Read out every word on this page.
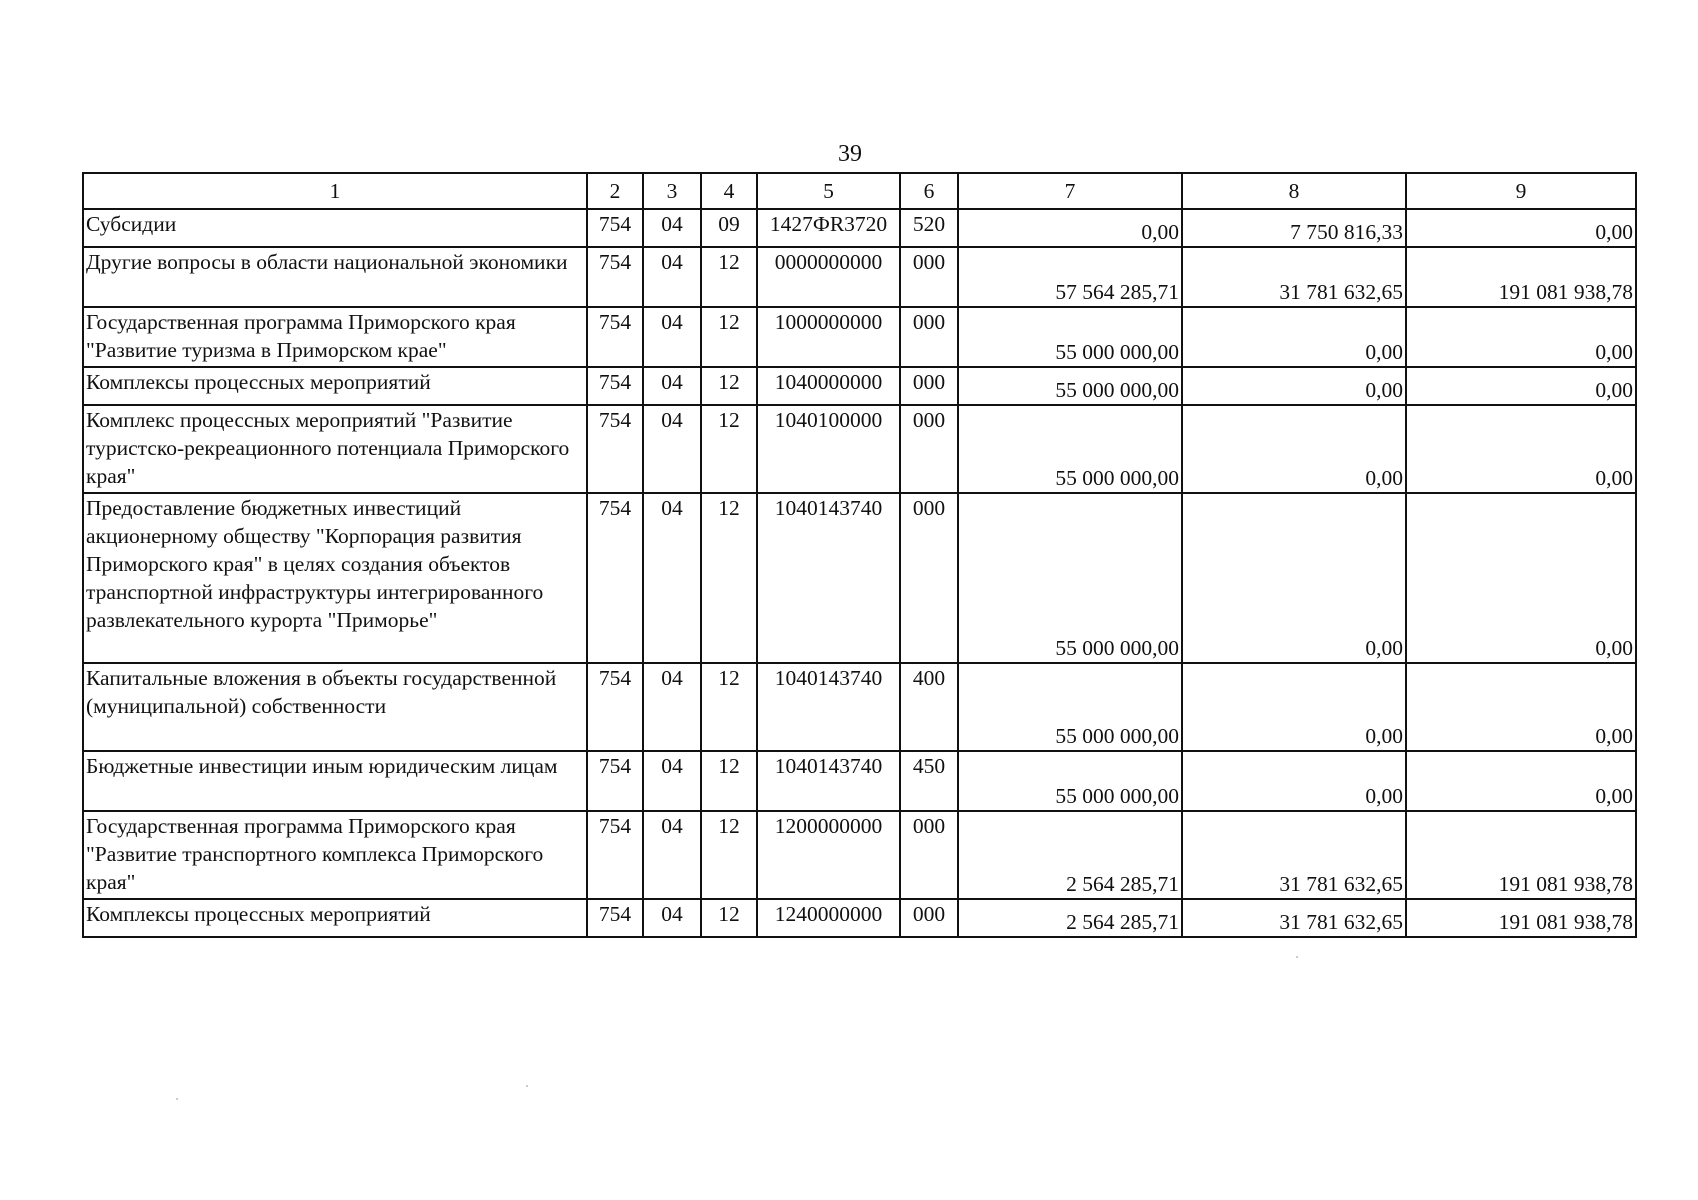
39
1	2	3	4	5	6	7	8	9
Субсидии	754	04	09	1427ФR3720	520	0,00	7 750 816,33	0,00
Другие вопросы в области национальной экономики	754	04	12	0000000000	000	57 564 285,71	31 781 632,65	191 081 938,78
Государственная программа Приморского края "Развитие туризма в Приморском крае"	754	04	12	1000000000	000	55 000 000,00	0,00	0,00
Комплексы процессных мероприятий	754	04	12	1040000000	000	55 000 000,00	0,00	0,00
Комплекс процессных мероприятий "Развитие туристско-рекреационного потенциала Приморского края"	754	04	12	1040100000	000	55 000 000,00	0,00	0,00
Предоставление бюджетных инвестиций акционерному обществу "Корпорация развития Приморского края" в целях создания объектов транспортной инфраструктуры интегрированного развлекательного курорта "Приморье"	754	04	12	1040143740	000	55 000 000,00	0,00	0,00
Капитальные вложения в объекты государственной (муниципальной) собственности	754	04	12	1040143740	400	55 000 000,00	0,00	0,00
Бюджетные инвестиции иным юридическим лицам	754	04	12	1040143740	450	55 000 000,00	0,00	0,00
Государственная программа Приморского края "Развитие транспортного комплекса Приморского края"	754	04	12	1200000000	000	2 564 285,71	31 781 632,65	191 081 938,78
Комплексы процессных мероприятий	754	04	12	1240000000	000	2 564 285,71	31 781 632,65	191 081 938,78
